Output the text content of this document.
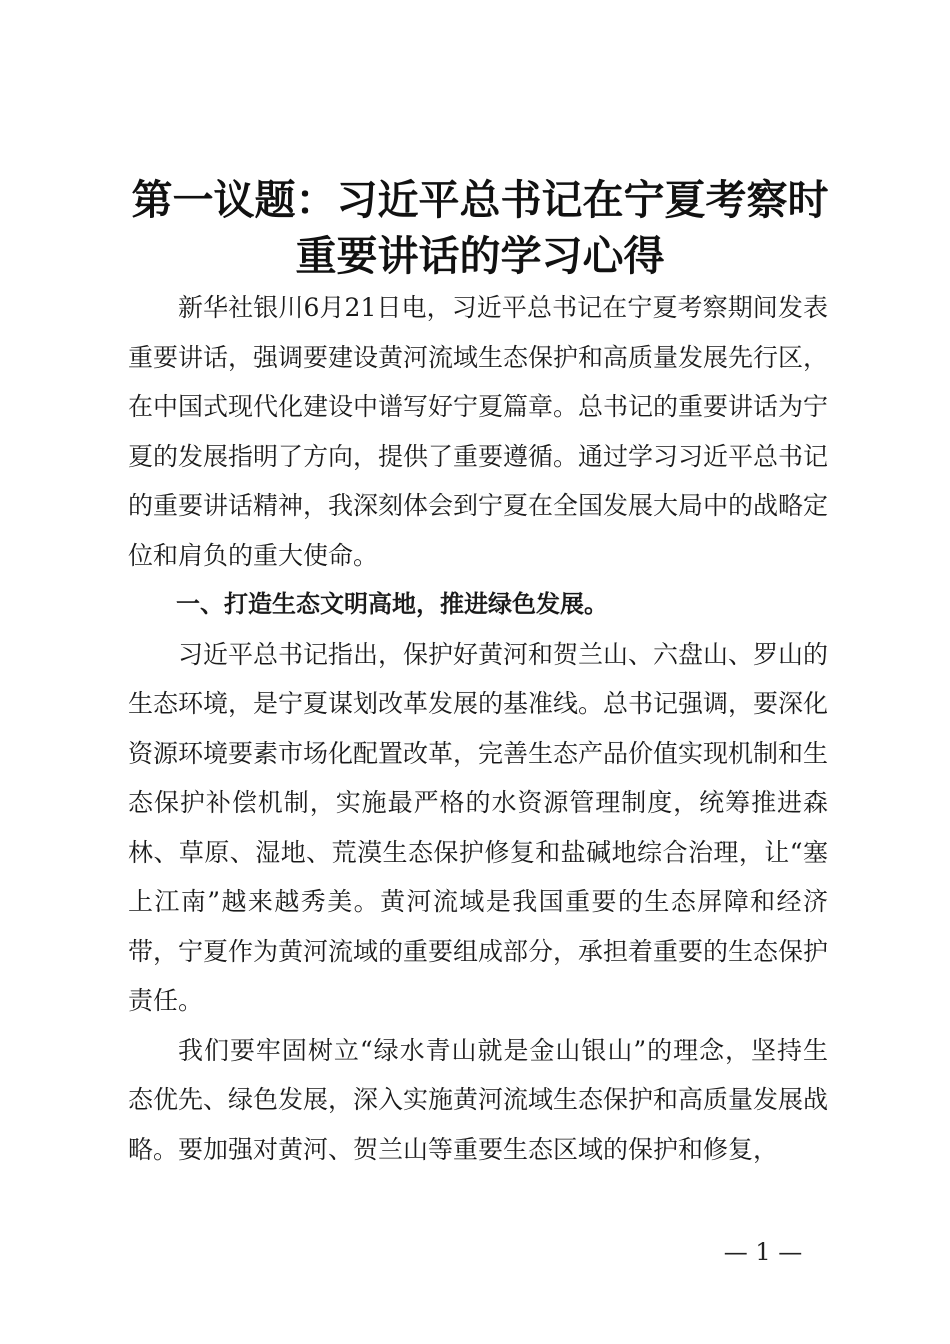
第一议题：习近平总书记在宁夏考察时重要讲话的学习心得

新华社银川6月21日电，习近平总书记在宁夏考察期间发表重要讲话，强调要建设黄河流域生态保护和高质量发展先行区，在中国式现代化建设中谱写好宁夏篇章。总书记的重要讲话为宁夏的发展指明了方向，提供了重要遵循。通过学习习近平总书记的重要讲话精神，我深刻体会到宁夏在全国发展大局中的战略定位和肩负的重大使命。

一、打造生态文明高地，推进绿色发展。

习近平总书记指出，保护好黄河和贺兰山、六盘山、罗山的生态环境，是宁夏谋划改革发展的基准线。总书记强调，要深化资源环境要素市场化配置改革，完善生态产品价值实现机制和生态保护补偿机制，实施最严格的水资源管理制度，统筹推进森林、草原、湿地、荒漠生态保护修复和盐碱地综合治理，让“塞上江南”越来越秀美。黄河流域是我国重要的生态屏障和经济带，宁夏作为黄河流域的重要组成部分，承担着重要的生态保护责任。

我们要牢固树立“绿水青山就是金山银山”的理念，坚持生态优先、绿色发展，深入实施黄河流域生态保护和高质量发展战略。要加强对黄河、贺兰山等重要生态区域的保护和修复，

— 1 —
